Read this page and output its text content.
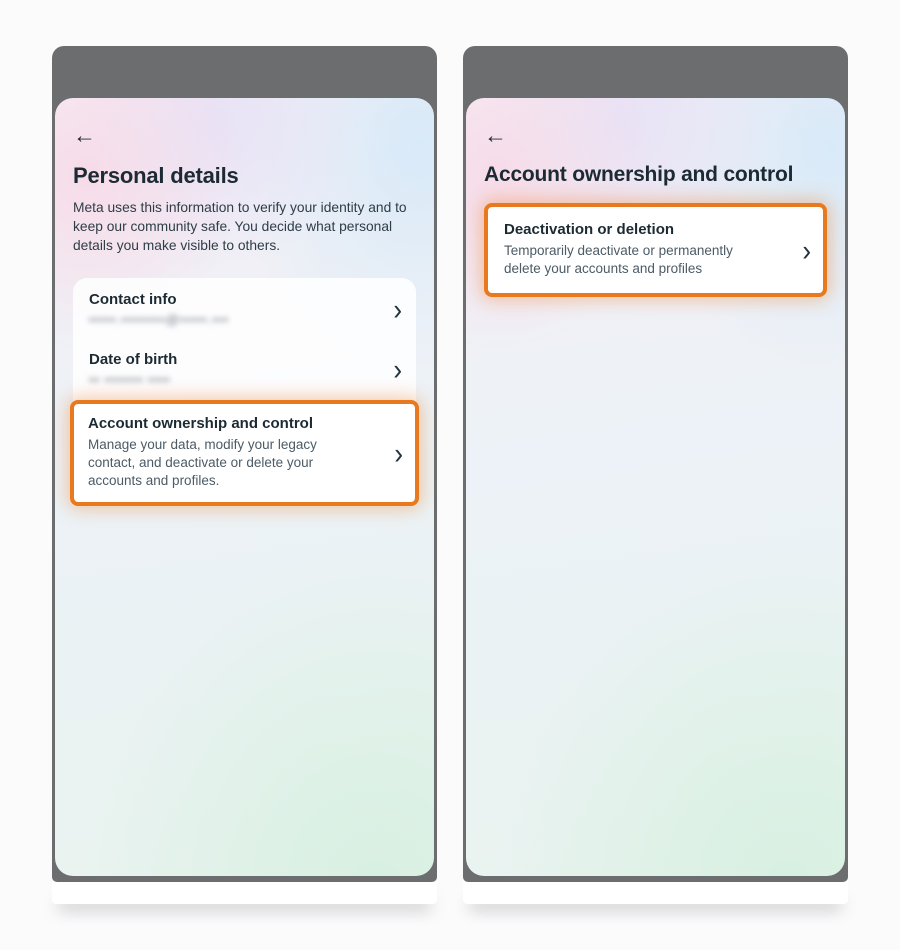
←
Personal details
Meta uses this information to verify your identity and to keep our community safe. You decide what personal details you make visible to others.
Contact info
•••••.••••••••@•••••.•••	›
Date of birth
•• ••••••• ••••	›
Account ownership and control
Manage your data, modify your legacy contact, and deactivate or delete your accounts and profiles.
›
←
Account ownership and control
Deactivation or deletion
Temporarily deactivate or permanently delete your accounts and profiles
›
